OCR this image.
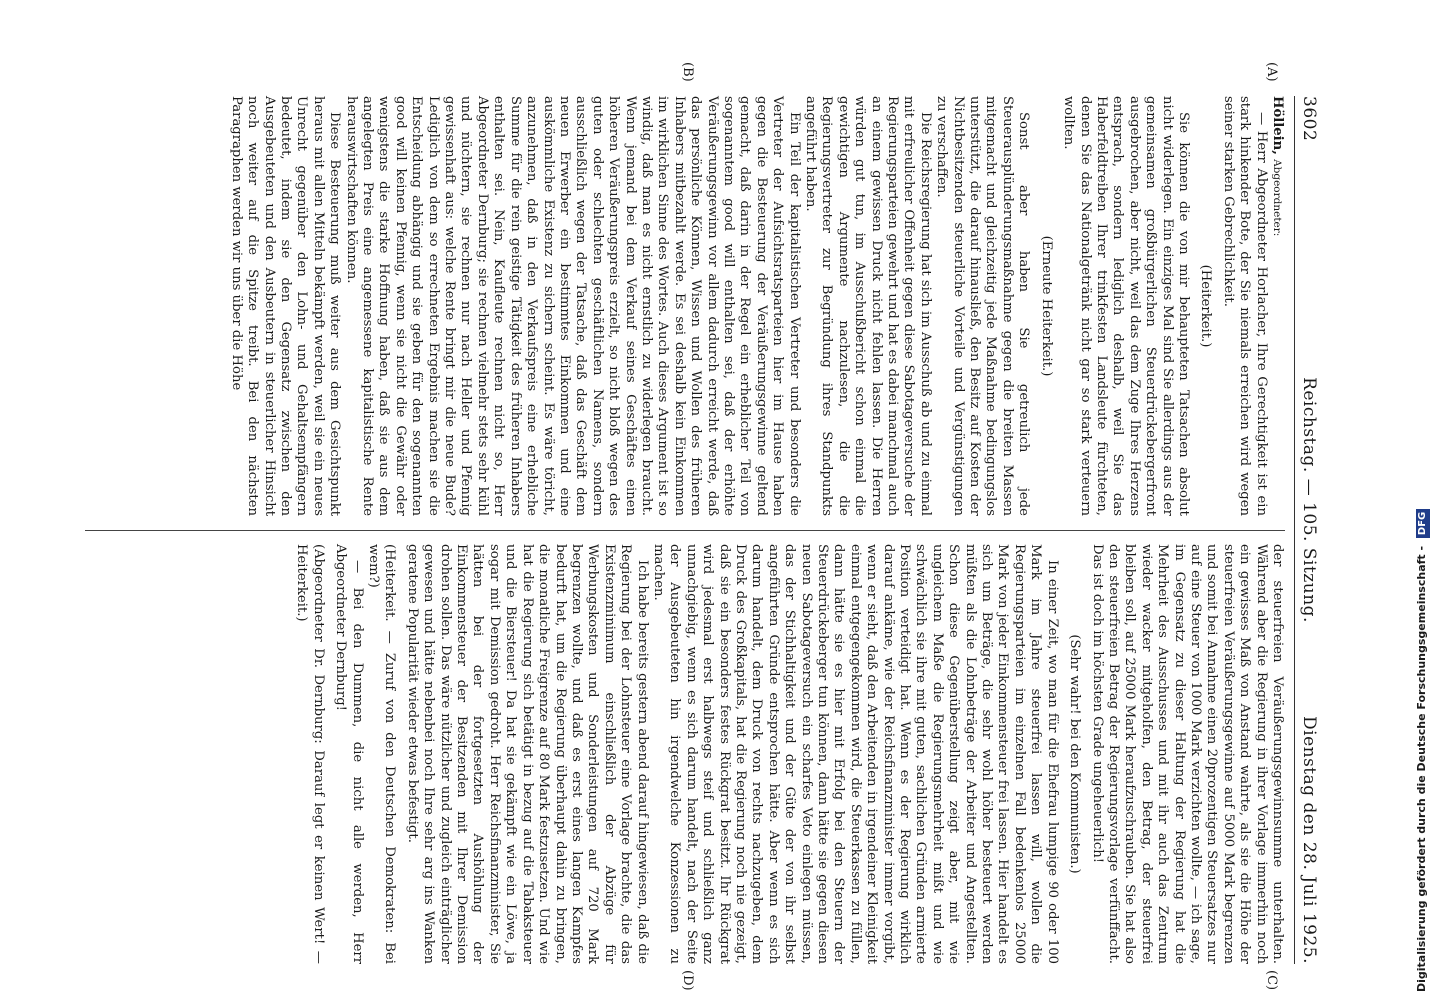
3602
Reichstag. — 105. Sitzung.
Dienstag den 28. Juli 1925.
(A)
(B)
(C)
(D)

Höllein, Abgeordneter:

— Herr Abgeordneter Horlacher, Ihre Gerechtigkeit ist ein stark hinkender Bote, der Sie niemals erreichen wird wegen seiner starken Gebrechlichkeit.

(Heiterkeit.)

Sie können die von mir behaupteten Tatsachen absolut nicht widerlegen. Ein einziges Mal sind Sie allerdings aus der gemeinsamen großbürgerlichen Steuerdrückebergerfront ausgebrochen, aber nicht, weil das dem Zuge Ihres Herzens entsprach, sondern lediglich deshalb, weil Sie das Haberfeldtreiben Ihrer trinkfesten Landsleute fürchteten, denen Sie das Nationalgetränk nicht gar so stark verteuern wollten.

(Erneute Heiterkeit.)

Sonst aber haben Sie getreulich jede Steuerausplünderungsmaßnahme gegen die breiten Massen mitgemacht und gleichzeitig jede Maßnahme bedingungslos unterstützt, die darauf hinausließ, den Besitz auf Kosten der Nichtbesitzenden steuerliche Vorteile und Vergünstigungen zu verschaffen.

Die Reichsregierung hat sich im Ausschuß ab und zu einmal mit erfreulicher Offenheit gegen diese Sabotageversuche der Regierungsparteien gewehrt und hat es dabei manchmal auch an einem gewissen Druck nicht fehlen lassen. Die Herren würden gut tun, im Ausschußbericht schon einmal die gewichtigen Argumente nachzulesen, die die Regierungsvertreter zur Begründung ihres Standpunkts angeführt haben.

Ein Teil der kapitalistischen Vertreter und besonders die Vertreter der Aufsichtsratsparteien hier im Hause haben gegen die Besteuerung der Veräußerungsgewinne geltend gemacht, daß darin in der Regel ein erheblicher Teil von sogenanntem good will enthalten sei, daß der erhöhte Veräußerungsgewinn vor allem dadurch erreicht werde, daß das persönliche Können, Wissen und Wollen des früheren Inhabers mitbezahlt werde. Es sei deshalb kein Einkommen im wirklichen Sinne des Wortes. Auch dieses Argument ist so windig, daß man es nicht ernstlich zu widerlegen braucht. Wenn jemand bei dem Verkauf seines Geschäftes einen höheren Veräußerungspreis erzielt, so nicht bloß wegen des guten oder schlechten geschäftlichen Namens, sondern ausschließlich wegen der Tatsache, daß das Geschäft dem neuen Erwerber ein bestimmtes Einkommen und eine auskömmliche Existenz zu sichern scheint. Es wäre töricht, anzunehmen, daß in den Verkaufspreis eine erhebliche Summe für die rein geistige Tätigkeit des früheren Inhabers enthalten sei. Nein, Kaufleute rechnen nicht so, Herr Abgeordneter Dernburg; sie rechnen vielmehr stets sehr kühl und nüchtern, sie rechnen nur nach Heller und Pfennig gewissenhaft aus: welche Rente bringt mir die neue Bude? Lediglich von dem so errechneten Ergebnis machen sie die Entscheidung abhängig und sie geben für den sogenannten good will keinen Pfennig, wenn sie nicht die Gewähr oder wenigstens die starke Hoffnung haben, daß sie aus dem angelegten Preis eine angemessene kapitalistische Rente herauswirtschaften können.

Diese Besteuerung muß weiter aus dem Gesichtspunkt heraus mit allen Mitteln bekämpft werden, weil sie ein neues Unrecht gegenüber den Lohn- und Gehaltsempfängern bedeutet, indem sie den Gegensatz zwischen den Ausgebeuteten und den Ausbeutern in steuerlicher Hinsicht noch weiter auf die Spitze treibt. Bei den nächsten Paragraphen werden wir uns über die Höhe

der steuerfreien Veräußerungsgewinnsumme unterhalten. Während aber die Regierung in ihrer Vorlage immerhin noch ein gewisses Maß von Anstand wahrte, als sie die Höhe der steuerfreien Veräußerungsgewinne auf 5000 Mark begrenzen und somit bei Annahme einen 20prozentigen Steuersatzes nur auf eine Steuer von 1000 Mark verzichten wollte, — ich sage, im Gegensatz zu dieser Haltung der Regierung hat die Mehrheit des Ausschusses und mit ihr auch das Zentrum wieder wacker mitgeholfen, den Betrag, der steuerfrei bleiben soll, auf 25000 Mark heraufzuschrauben. Sie hat also den steuerfreien Betrag der Regierungsvorlage verfünffacht. Das ist doch im höchsten Grade ungeheuerlich!

(Sehr wahr! bei den Kommunisten.)

In einer Zeit, wo man für die Ehefrau lumpige 90 oder 100 Mark im Jahre steuerfrei lassen will, wollen die Regierungsparteien im einzelnen Fall bedenkenlos 25000 Mark von jeder Einkommensteuer frei lassen. Hier handelt es sich um Beträge, die sehr wohl höher besteuert werden müßten als die Lohnbeträge der Arbeiter und Angestellten. Schon diese Gegenüberstellung zeigt aber, mit wie ungleichem Maße die Regierungsmehrheit mißt und wie schwächlich sie ihre mit guten, sachlichen Gründen armierte Position verteidigt hat. Wenn es der Regierung wirklich darauf ankäme, wie der Reichsfinanzminister immer vorgibt, wenn er sieht, daß den Arbeitenden in irgendeiner Kleinigkeit einmal entgegengekommen wird, die Steuerkassen zu füllen, dann hätte sie es hier mit Erfolg bei den Steuern der Steuerdrückeberger tun können, dann hätte sie gegen diesen neuen Sabotageversuch ein scharfes Veto einlegen müssen, das der Stichhaltigkeit und der Güte der von ihr selbst angeführten Gründe entsprochen hätte. Aber wenn es sich darum handelt, dem Druck von rechts nachzugeben, dem Druck des Großkapitals, hat die Regierung noch nie gezeigt, daß sie ein besonders festes Rückgrat besitzt. Ihr Rückgrat wird jedesmal erst halbwegs steif und schließlich ganz unnachgiebig, wenn es sich darum handelt, nach der Seite der Ausgebeuteten hin irgendwelche Konzessionen zu machen.

Ich habe bereits gestern abend darauf hingewiesen, daß die Regierung bei der Lohnsteuer eine Vorlage brachte, die das Existenzminimum einschließlich der Abzüge für Werbungskosten und Sonderleistungen auf 720 Mark begrenzen wollte, und daß es erst eines langen Kampfes bedurft hat, um die Regierung überhaupt dahin zu bringen, die monatliche Freigrenze auf 80 Mark festzusetzen. Und wie hat die Regierung sich betätigt in bezug auf die Tabaksteuer und die Biersteuer! Da hat sie gekämpft wie ein Löwe, ja sogar mit Demission gedroht. Herr Reichsfinanzminister, Sie hätten bei der fortgesetzten Aushöhlung der Einkommensteuer der Besitzenden mit Ihrer Demission drohen sollen. Das wäre nützlicher und zugleich einträglicher gewesen und hätte nebenbei noch Ihre sehr arg ins Wanken geratene Popularität wieder etwas befestigt.

(Heiterkeit. — Zuruf von den Deutschen Demokraten: Bei wem?)

— Bei den Dummen, die nicht alle werden, Herr Abgeordneter Dernburg!

(Abgeordneter Dr. Dernburg: Darauf legt er keinen Wert! — Heiterkeit.)	Digitalisierung gefördert durch die Deutsche Forschungsgemeinschaft - DFG
